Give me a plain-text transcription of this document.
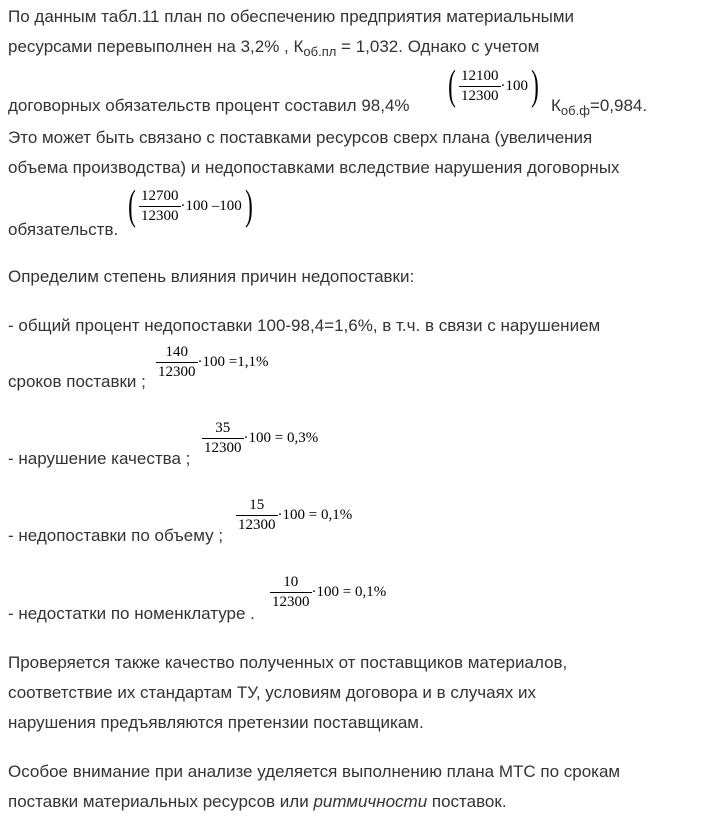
По данным табл.11 план по обеспечению предприятия материальными
ресурсами перевыполнен на 3,2% , $К_{об.пл} = 1,032$. Однако с учетом
договорных обязательств процент составил 98,4% ( $\frac{12100}{12300} \cdot 100$ ) $К_{об.ф}=0,984$.
Это может быть связано с поставками ресурсов сверх плана (увеличения
объема производства) и недопоставками вследствие нарушения договорных
обязательств.
( $\frac{12700}{12300} \cdot 100$ –100 )
Определим степень влияния причин недопоставки:
- общий процент недопоставки 100-98,4=1,6%, в т.ч. в связи с нарушением
сроков поставки ;
$\frac{140}{12300} \cdot 100 =1,1\%$
- нарушение качества ;
$\frac{35}{12300} \cdot 100 = 0,3\%$
- недопоставки по объему ;
$\frac{15}{12300} \cdot 100 = 0,1\%$
- недостатки по номенклатуре .
$\frac{10}{12300} \cdot 100 = 0,1\%$
Проверяется также качество полученных от поставщиков материалов,
соответствие их стандартам ТУ, условиям договора и в случаях их
нарушения предъявляются претензии поставщикам.
Особое внимание при анализе уделяется выполнению плана МТС по срокам
поставки материальных ресурсов или ритмичности поставок.
